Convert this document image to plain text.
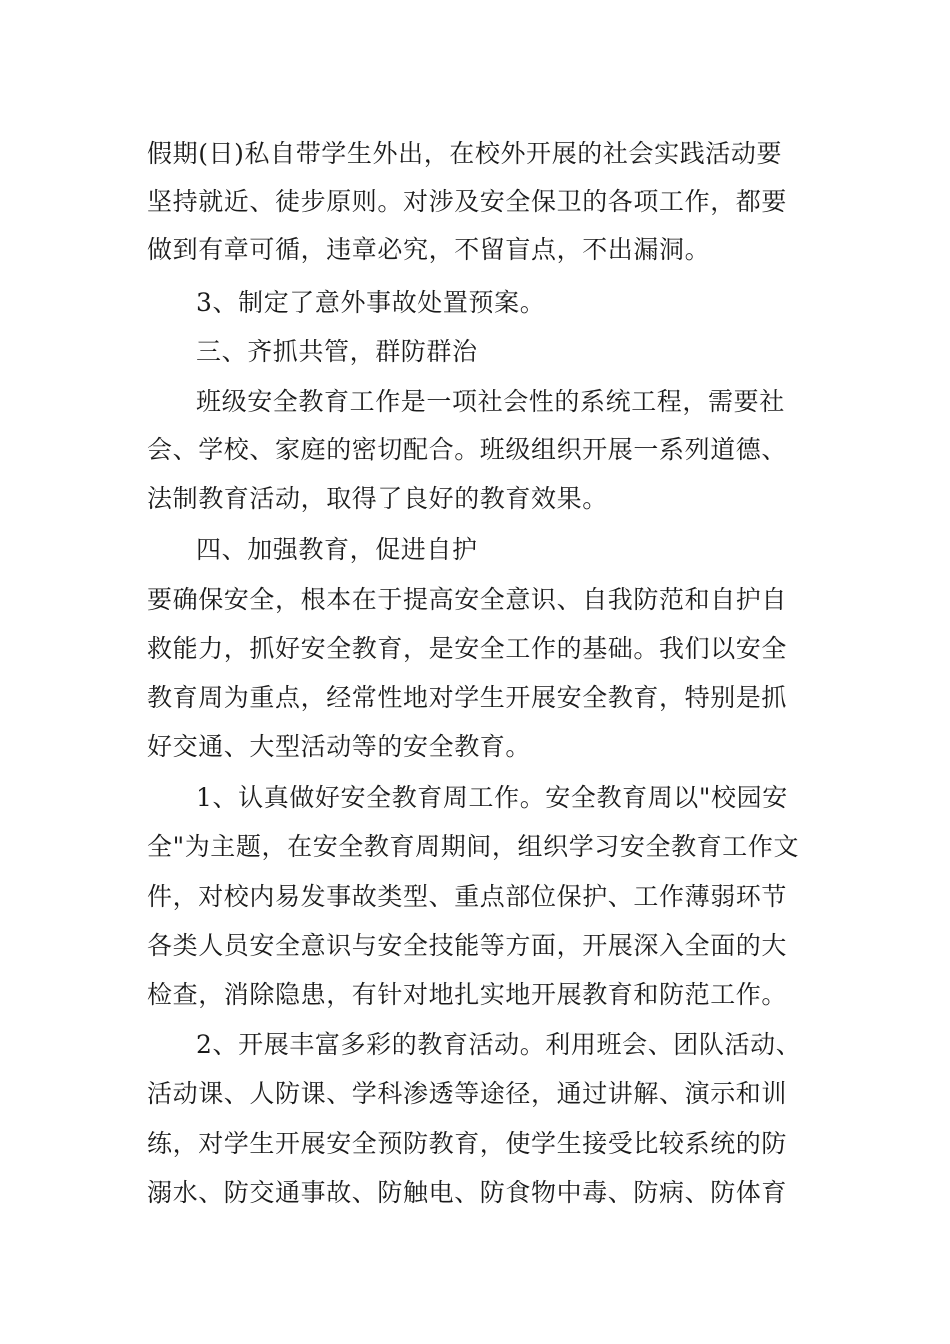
假期(日)私自带学生外出，在校外开展的社会实践活动要
坚持就近、徒步原则。对涉及安全保卫的各项工作，都要
做到有章可循，违章必究，不留盲点，不出漏洞。
3、制定了意外事故处置预案。
三、齐抓共管，群防群治
班级安全教育工作是一项社会性的系统工程，需要社
会、学校、家庭的密切配合。班级组织开展一系列道德、
法制教育活动，取得了良好的教育效果。
四、加强教育，促进自护
要确保安全，根本在于提高安全意识、自我防范和自护自
救能力，抓好安全教育，是安全工作的基础。我们以安全
教育周为重点，经常性地对学生开展安全教育，特别是抓
好交通、大型活动等的安全教育。
1、认真做好安全教育周工作。安全教育周以"校园安
全"为主题，在安全教育周期间，组织学习安全教育工作文
件，对校内易发事故类型、重点部位保护、工作薄弱环节
各类人员安全意识与安全技能等方面，开展深入全面的大
检查，消除隐患，有针对地扎实地开展教育和防范工作。
2、开展丰富多彩的教育活动。利用班会、团队活动、
活动课、人防课、学科渗透等途径，通过讲解、演示和训
练，对学生开展安全预防教育，使学生接受比较系统的防
溺水、防交通事故、防触电、防食物中毒、防病、防体育
